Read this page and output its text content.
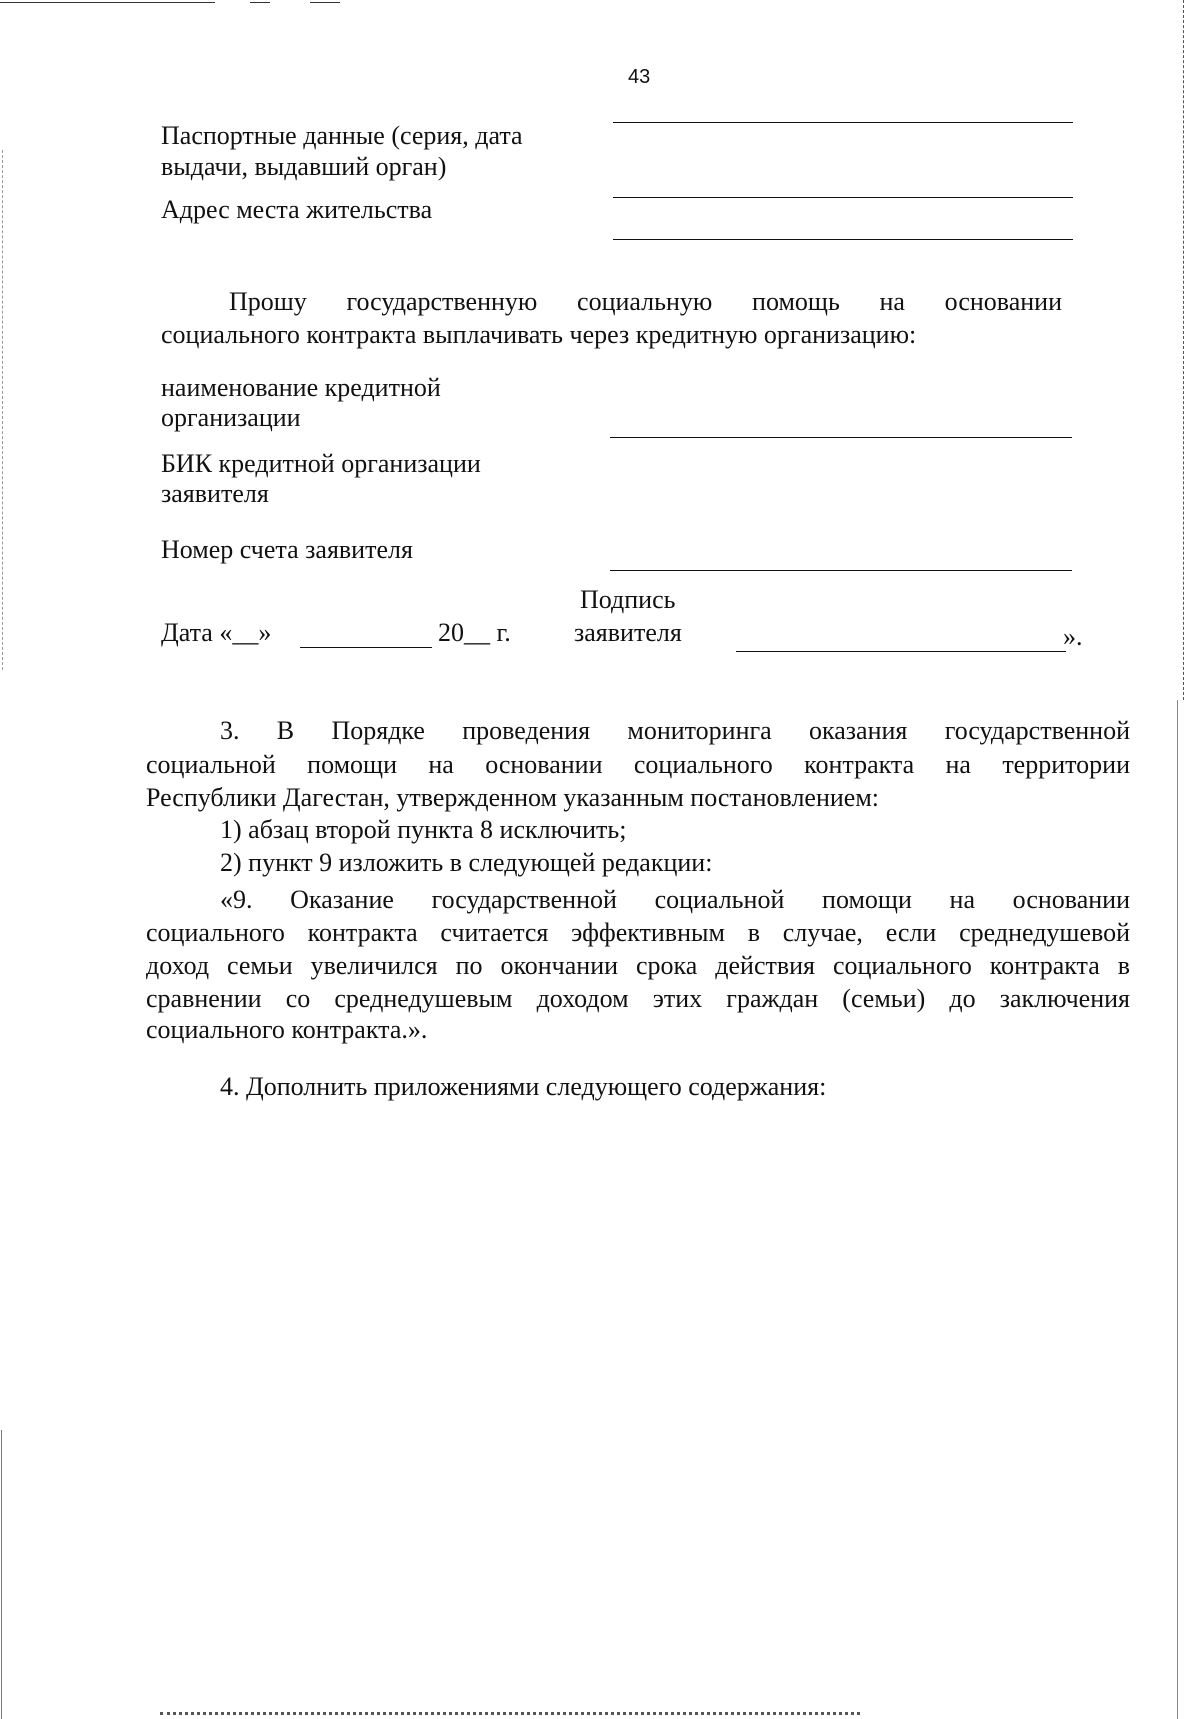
43
Паспортные данные (серия, дата
выдачи, выдавший орган)
Адрес места жительства
Прошу государственную социальную помощь на основании
социального контракта выплачивать через кредитную организацию:
наименование кредитной
организации
БИК кредитной организации
заявителя
Номер счета заявителя
Дата «__»	20__ г.
Подпись
заявителя	».
3. В Порядке проведения мониторинга оказания государственной
социальной помощи на основании социального контракта на территории
Республики Дагестан, утвержденном указанным постановлением:
1) абзац второй пункта 8 исключить;
2) пункт 9 изложить в следующей редакции:
«9. Оказание государственной социальной помощи на основании
социального контракта считается эффективным в случае, если среднедушевой
доход семьи увеличился по окончании срока действия социального контракта в
сравнении со среднедушевым доходом этих граждан (семьи) до заключения
социального контракта.».
4. Дополнить приложениями следующего содержания:
